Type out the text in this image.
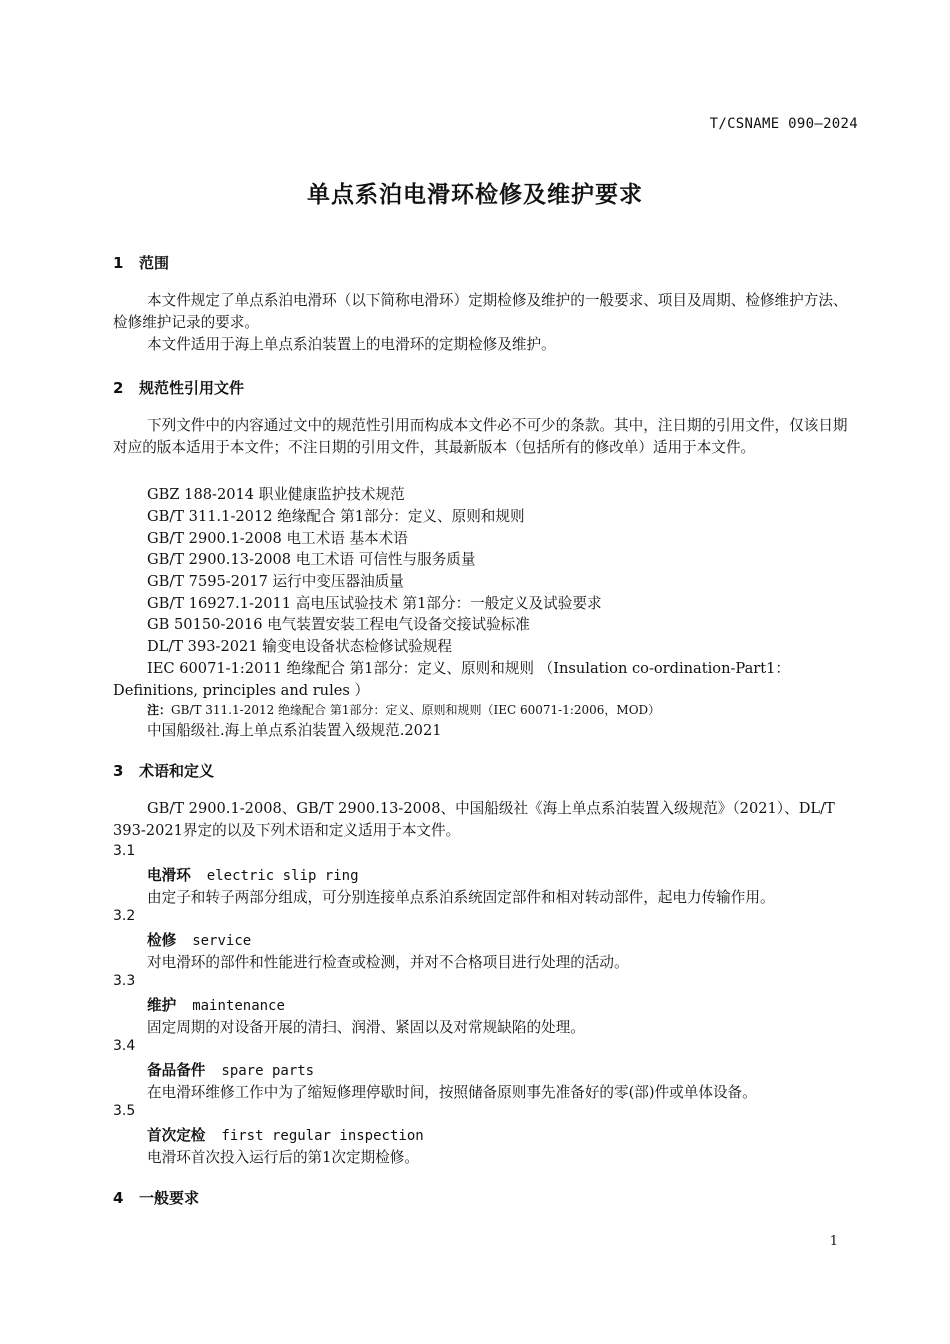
T/CSNAME 090—2024
单点系泊电滑环检修及维护要求
1 范围
本文件规定了单点系泊电滑环（以下简称电滑环）定期检修及维护的一般要求、项目及周期、检修维护方法、检修维护记录的要求。
本文件适用于海上单点系泊装置上的电滑环的定期检修及维护。
2 规范性引用文件
下列文件中的内容通过文中的规范性引用而构成本文件必不可少的条款。其中，注日期的引用文件，仅该日期对应的版本适用于本文件；不注日期的引用文件，其最新版本（包括所有的修改单）适用于本文件。
GBZ 188-2014 职业健康监护技术规范
GB/T 311.1-2012 绝缘配合 第1部分：定义、原则和规则
GB/T 2900.1-2008 电工术语 基本术语
GB/T 2900.13-2008 电工术语 可信性与服务质量
GB/T 7595-2017 运行中变压器油质量
GB/T 16927.1-2011 高电压试验技术 第1部分：一般定义及试验要求
GB 50150-2016 电气装置安装工程电气设备交接试验标准
DL/T 393-2021 输变电设备状态检修试验规程
IEC 60071-1:2011 绝缘配合 第1部分：定义、原则和规则 （Insulation co-ordination-Part1：
Definitions, principles and rules ）
注：GB/T 311.1-2012 绝缘配合 第1部分：定义、原则和规则（IEC 60071-1:2006，MOD）
中国船级社.海上单点系泊装置入级规范.2021
3 术语和定义
GB/T 2900.1-2008、GB/T 2900.13-2008、中国船级社《海上单点系泊装置入级规范》（2021）、DL/T 393-2021界定的以及下列术语和定义适用于本文件。
3.1
电滑环 electric slip ring
由定子和转子两部分组成，可分别连接单点系泊系统固定部件和相对转动部件，起电力传输作用。
3.2
检修 service
对电滑环的部件和性能进行检查或检测，并对不合格项目进行处理的活动。
3.3
维护 maintenance
固定周期的对设备开展的清扫、润滑、紧固以及对常规缺陷的处理。
3.4
备品备件 spare parts
在电滑环维修工作中为了缩短修理停歇时间，按照储备原则事先准备好的零(部)件或单体设备。
3.5
首次定检 first regular inspection
电滑环首次投入运行后的第1次定期检修。
4 一般要求
1
